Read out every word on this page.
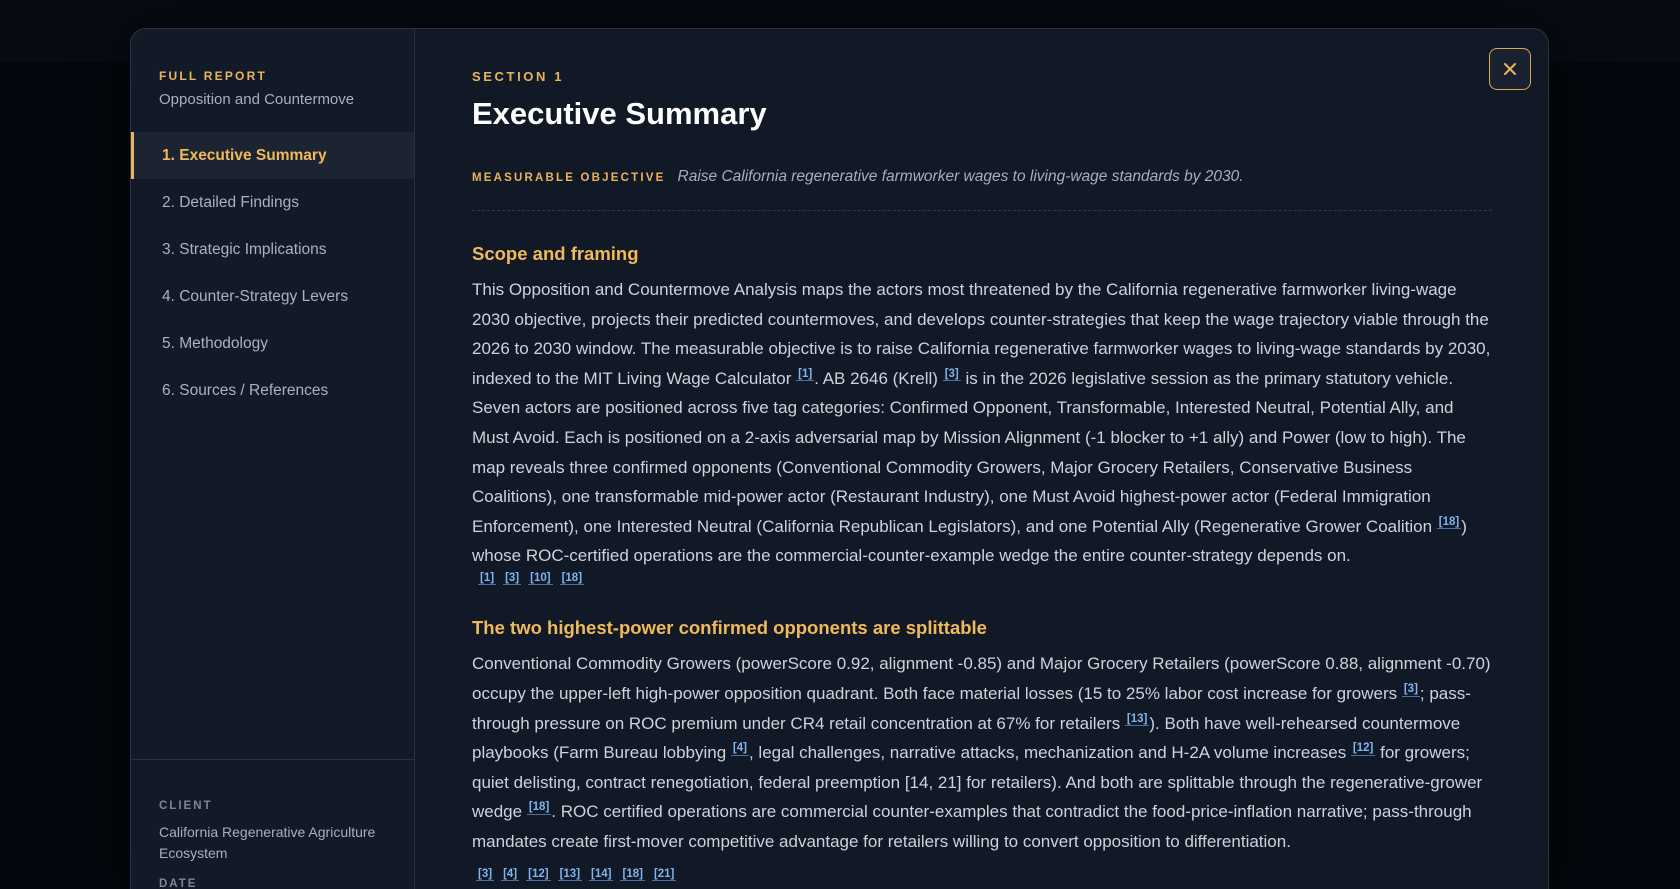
FULL REPORT
Opposition and Countermove
1. Executive Summary
2. Detailed Findings
3. Strategic Implications
4. Counter-Strategy Levers
5. Methodology
6. Sources / References
CLIENT
California Regenerative Agriculture Ecosystem
DATE
SECTION 1
Executive Summary
MEASURABLE OBJECTIVE Raise California regenerative farmworker wages to living-wage standards by 2030.
Scope and framing

This Opposition and Countermove Analysis maps the actors most threatened by the California regenerative farmworker living-wage 2030 objective, projects their predicted countermoves, and develops counter-strategies that keep the wage trajectory viable through the 2026 to 2030 window. The measurable objective is to raise California regenerative farmworker wages to living-wage standards by 2030, indexed to the MIT Living Wage Calculator [1] . AB 2646 (Krell) [3] is in the 2026 legislative session as the primary statutory vehicle. Seven actors are positioned across five tag categories: Confirmed Opponent, Transformable, Interested Neutral, Potential Ally, and Must Avoid. Each is positioned on a 2-axis adversarial map by Mission Alignment (-1 blocker to +1 ally) and Power (low to high). The map reveals three confirmed opponents (Conventional Commodity Growers, Major Grocery Retailers, Conservative Business Coalitions), one transformable mid-power actor (Restaurant Industry), one Must Avoid highest-power actor (Federal Immigration Enforcement), one Interested Neutral (California Republican Legislators), and one Potential Ally (Regenerative Grower Coalition [18] ) whose ROC-certified operations are the commercial-counter-example wedge the entire counter-strategy depends on.

[1] [3] [10] [18]
The two highest-power confirmed opponents are splittable

Conventional Commodity Growers (powerScore 0.92, alignment -0.85) and Major Grocery Retailers (powerScore 0.88, alignment -0.70) occupy the upper-left high-power opposition quadrant. Both face material losses (15 to 25% labor cost increase for growers [3] ; pass-through pressure on ROC premium under CR4 retail concentration at 67% for retailers [13] ). Both have well-rehearsed countermove playbooks (Farm Bureau lobbying [4] , legal challenges, narrative attacks, mechanization and H-2A volume increases [12] for growers; quiet delisting, contract renegotiation, federal preemption [14, 21] for retailers). And both are splittable through the regenerative-grower wedge [18] . ROC certified operations are commercial counter-examples that contradict the food-price-inflation narrative; pass-through mandates create first-mover competitive advantage for retailers willing to convert opposition to differentiation.
[3] [4] [12] [13] [14] [18] [21]
